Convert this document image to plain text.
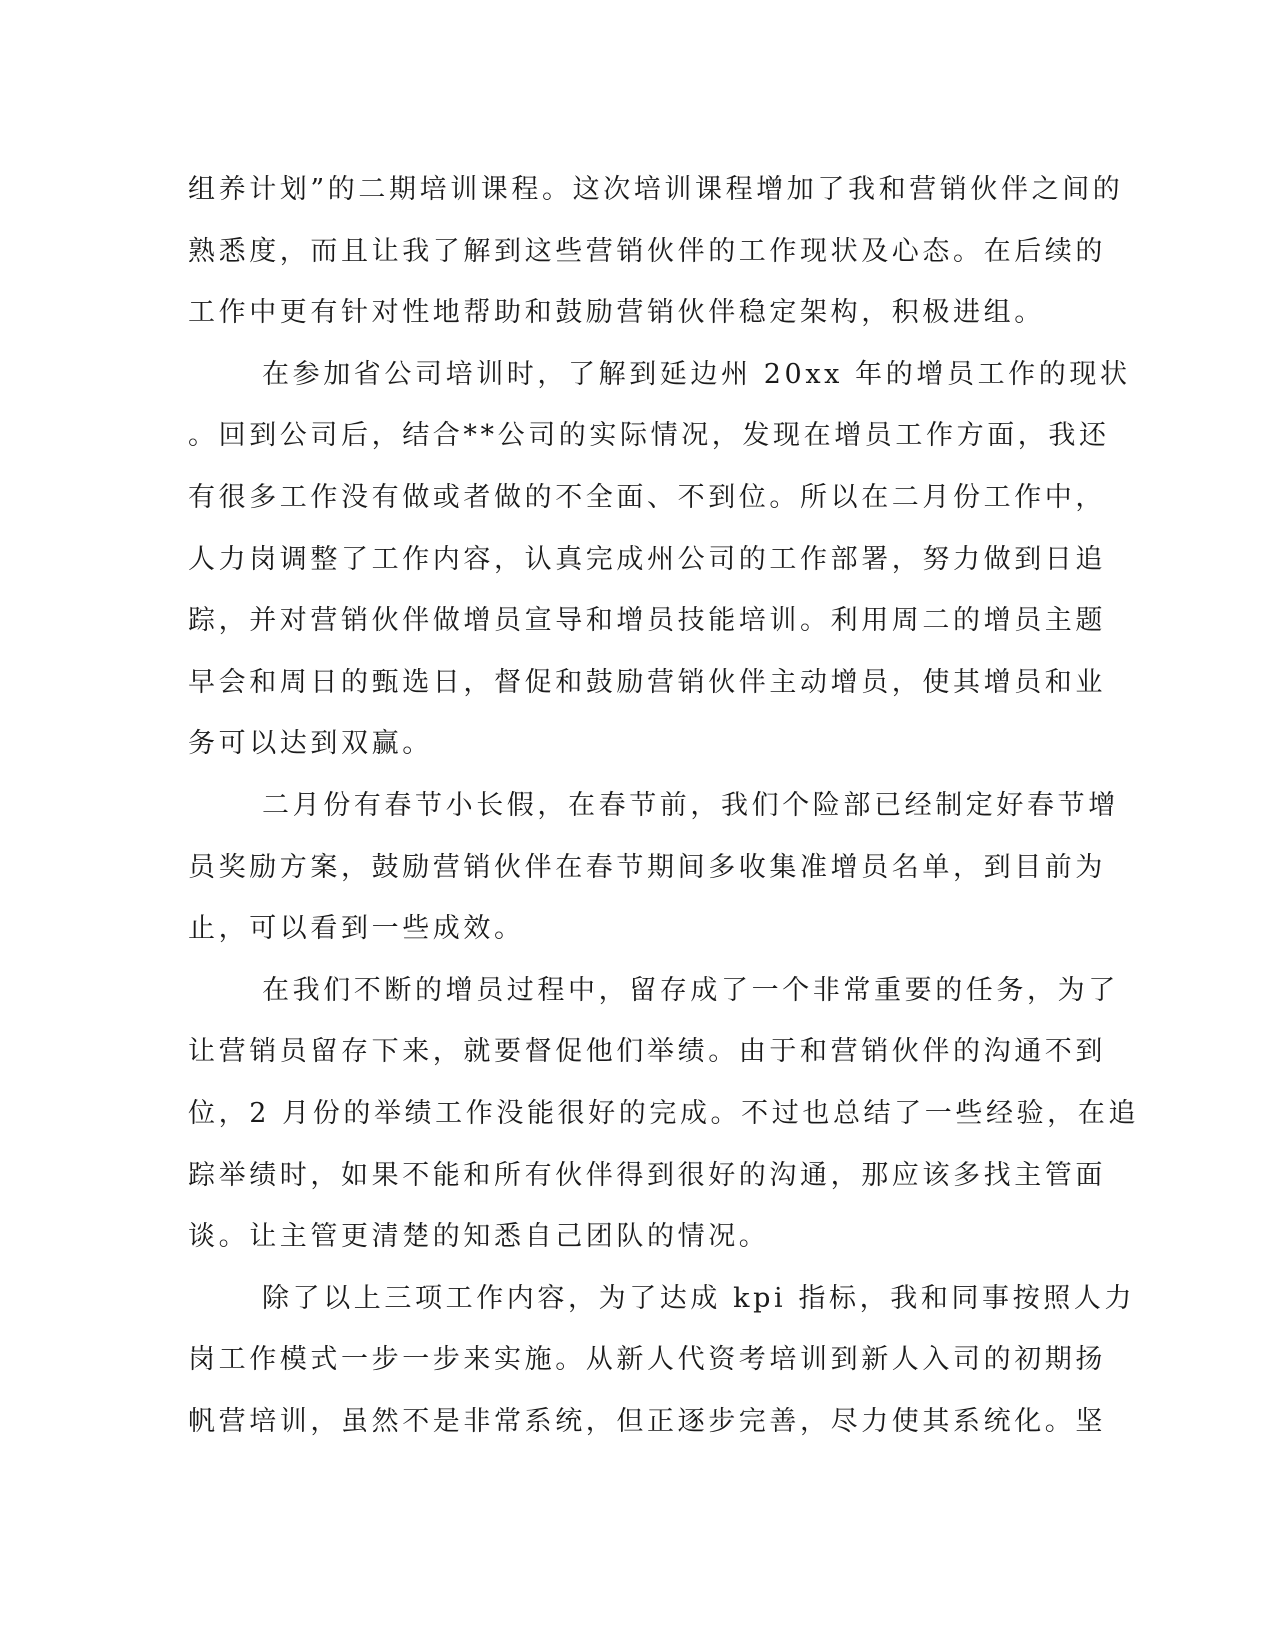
组养计划”的二期培训课程。这次培训课程增加了我和营销伙伴之间的
熟悉度，而且让我了解到这些营销伙伴的工作现状及心态。在后续的
工作中更有针对性地帮助和鼓励营销伙伴稳定架构，积极进组。
在参加省公司培训时，了解到延边州 20xx 年的增员工作的现状
。回到公司后，结合**公司的实际情况，发现在增员工作方面，我还
有很多工作没有做或者做的不全面、不到位。所以在二月份工作中，
人力岗调整了工作内容，认真完成州公司的工作部署，努力做到日追
踪，并对营销伙伴做增员宣导和增员技能培训。利用周二的增员主题
早会和周日的甄选日，督促和鼓励营销伙伴主动增员，使其增员和业
务可以达到双赢。
二月份有春节小长假，在春节前，我们个险部已经制定好春节增
员奖励方案，鼓励营销伙伴在春节期间多收集准增员名单，到目前为
止，可以看到一些成效。
在我们不断的增员过程中，留存成了一个非常重要的任务，为了
让营销员留存下来，就要督促他们举绩。由于和营销伙伴的沟通不到
位，2 月份的举绩工作没能很好的完成。不过也总结了一些经验，在追
踪举绩时，如果不能和所有伙伴得到很好的沟通，那应该多找主管面
谈。让主管更清楚的知悉自己团队的情况。
除了以上三项工作内容，为了达成 kpi 指标，我和同事按照人力
岗工作模式一步一步来实施。从新人代资考培训到新人入司的初期扬
帆营培训，虽然不是非常系统，但正逐步完善，尽力使其系统化。坚
